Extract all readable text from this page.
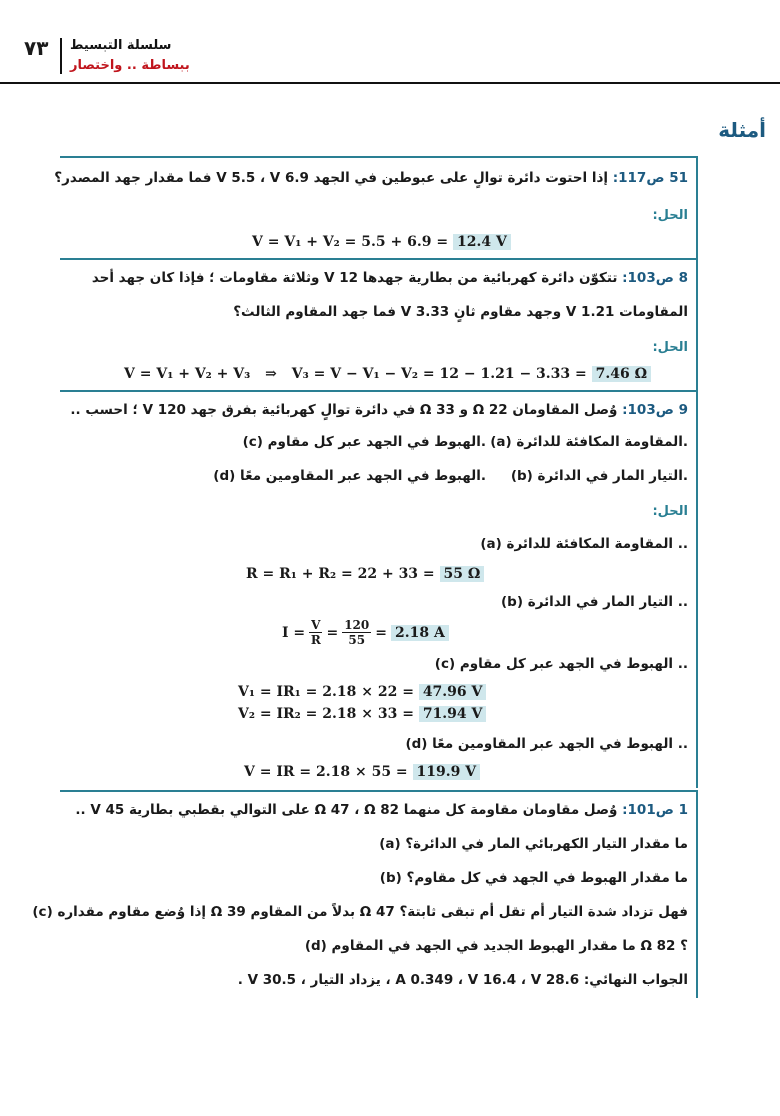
٧٣ سلسلة التبسيط
ببساطة .. واختصار
أمثلة
51 ص117: إذا احتوت دائرة توالٍ على عبوطين في الجهد V 5.5 ، V 6.9 فما مقدار جهد المصدر؟
الحل:
V = V₁ + V₂ = 5.5 + 6.9 = 12.4 V
8 ص103: تتكوّن دائرة كهربائية من بطارية جهدها V 12 وثلاثة مقاومات ؛ فإذا كان جهد أحد
المقاومات V 1.21 وجهد مقاوم ثانٍ V 3.33 فما جهد المقاوم الثالث؟
الحل:
V = V₁ + V₂ + V₃ ⇒ V₃ = V − V₁ − V₂ = 12 − 1.21 − 3.33 = 7.46 Ω
9 ص103: وُصل المقاومان Ω 22 و Ω 33 في دائرة توالٍ كهربائية بفرق جهد V 120 ؛ احسب ..
(a) المقاومة المكافئة للدائرة.
(c) الهبوط في الجهد عبر كل مقاوم.
(b) التيار المار في الدائرة.
(d) الهبوط في الجهد عبر المقاومين معًا.
الحل:
(a) المقاومة المكافئة للدائرة ..
R = R₁ + R₂ = 22 + 33 = 55 Ω
(b) التيار المار في الدائرة ..
$I = \frac{V}{R} = \frac{120}{55} = 2.18$ A
(c) الهبوط في الجهد عبر كل مقاوم ..
V₁ = IR₁ = 2.18 × 22 = 47.96 V
V₂ = IR₂ = 2.18 × 33 = 71.94 V
(d) الهبوط في الجهد عبر المقاومين معًا ..
V = IR = 2.18 × 55 = 119.9 V
1 ص101: وُصل مقاومان مقاومة كل منهما Ω 47 ، Ω 82 على التوالي بقطبي بطارية V 45 ..
(a) ما مقدار التيار الكهربائي المار في الدائرة؟
(b) ما مقدار الهبوط في الجهد في كل مقاوم؟
(c) إذا وُضع مقاوم مقداره Ω 39 بدلاً من المقاوم Ω 47 فهل تزداد شدة التيار أم تقل أم تبقى ثابتة؟
(d) ما مقدار الهبوط الجديد في الجهد في المقاوم Ω 82 ؟
الجواب النهائي: A 0.349 ، V 16.4 ، V 28.6 ، يزداد التيار ، V 30.5 .
